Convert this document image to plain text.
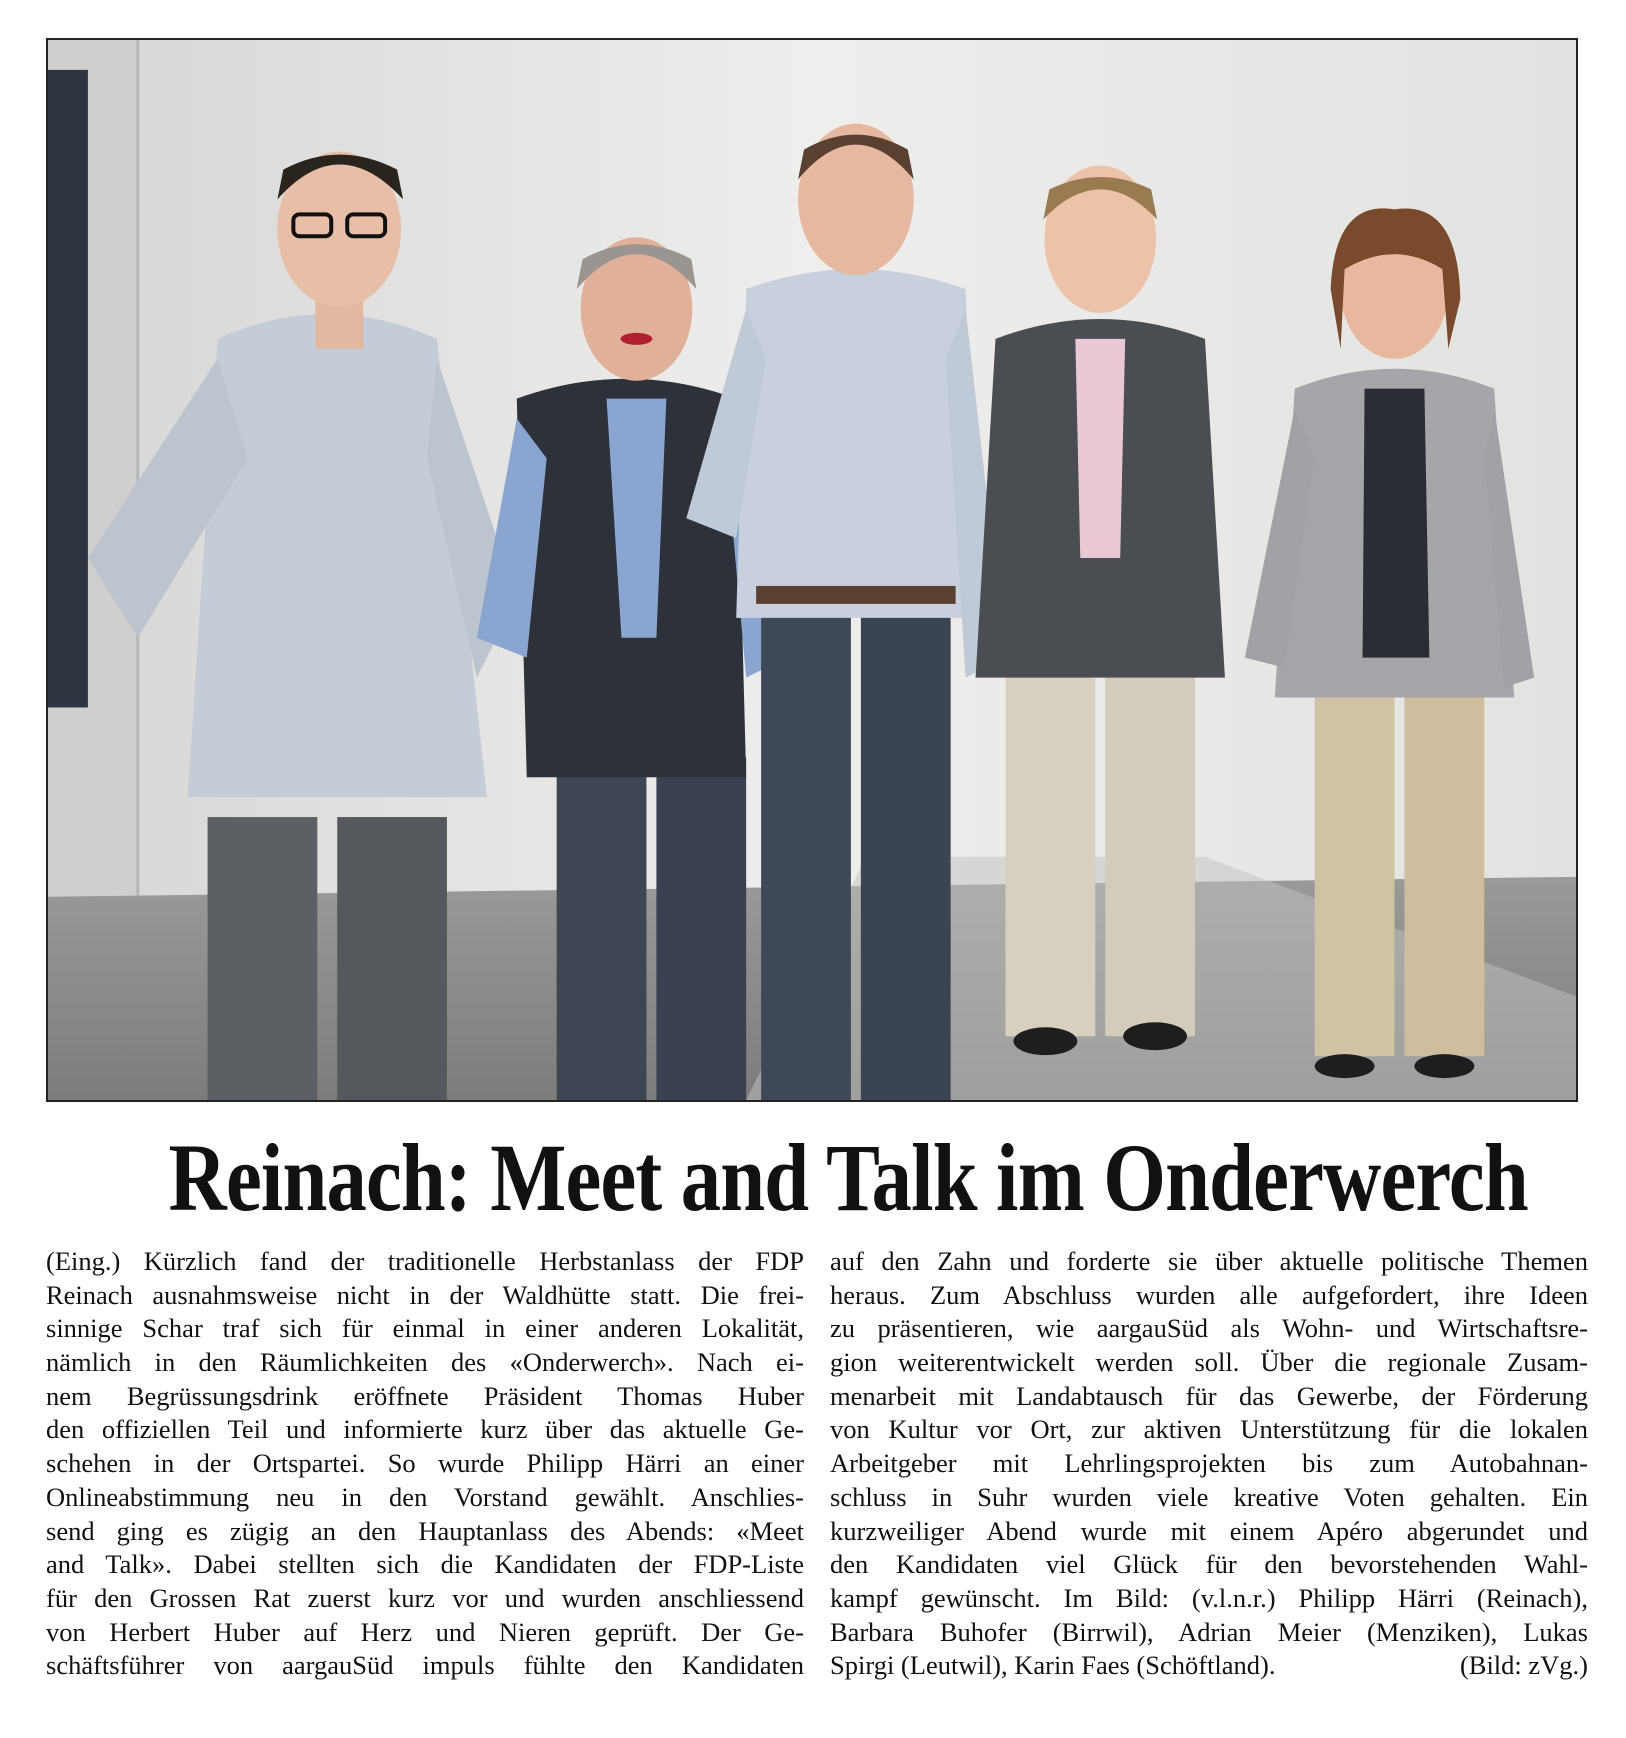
Reinach: Meet and Talk im Onderwerch
(Eing.) Kürzlich fand der traditionelle Herbstanlass der FDP
Reinach ausnahmsweise nicht in der Waldhütte statt. Die frei-
sinnige Schar traf sich für einmal in einer anderen Lokalität,
nämlich in den Räumlichkeiten des «Onderwerch». Nach ei-
nem Begrüssungsdrink eröffnete Präsident Thomas Huber
den offiziellen Teil und informierte kurz über das aktuelle Ge-
schehen in der Ortspartei. So wurde Philipp Härri an einer
Onlineabstimmung neu in den Vorstand gewählt. Anschlies-
send ging es zügig an den Hauptanlass des Abends: «Meet
and Talk». Dabei stellten sich die Kandidaten der FDP-Liste
für den Grossen Rat zuerst kurz vor und wurden anschliessend
von Herbert Huber auf Herz und Nieren geprüft. Der Ge-
schäftsführer von aargauSüd impuls fühlte den Kandidaten
auf den Zahn und forderte sie über aktuelle politische Themen
heraus. Zum Abschluss wurden alle aufgefordert, ihre Ideen
zu präsentieren, wie aargauSüd als Wohn- und Wirtschaftsre-
gion weiterentwickelt werden soll. Über die regionale Zusam-
menarbeit mit Landabtausch für das Gewerbe, der Förderung
von Kultur vor Ort, zur aktiven Unterstützung für die lokalen
Arbeitgeber mit Lehrlingsprojekten bis zum Autobahnan-
schluss in Suhr wurden viele kreative Voten gehalten. Ein
kurzweiliger Abend wurde mit einem Apéro abgerundet und
den Kandidaten viel Glück für den bevorstehenden Wahl-
kampf gewünscht. Im Bild: (v.l.n.r.) Philipp Härri (Reinach),
Barbara Buhofer (Birrwil), Adrian Meier (Menziken), Lukas
Spirgi (Leutwil), Karin Faes (Schöftland).	(Bild: zVg.)
